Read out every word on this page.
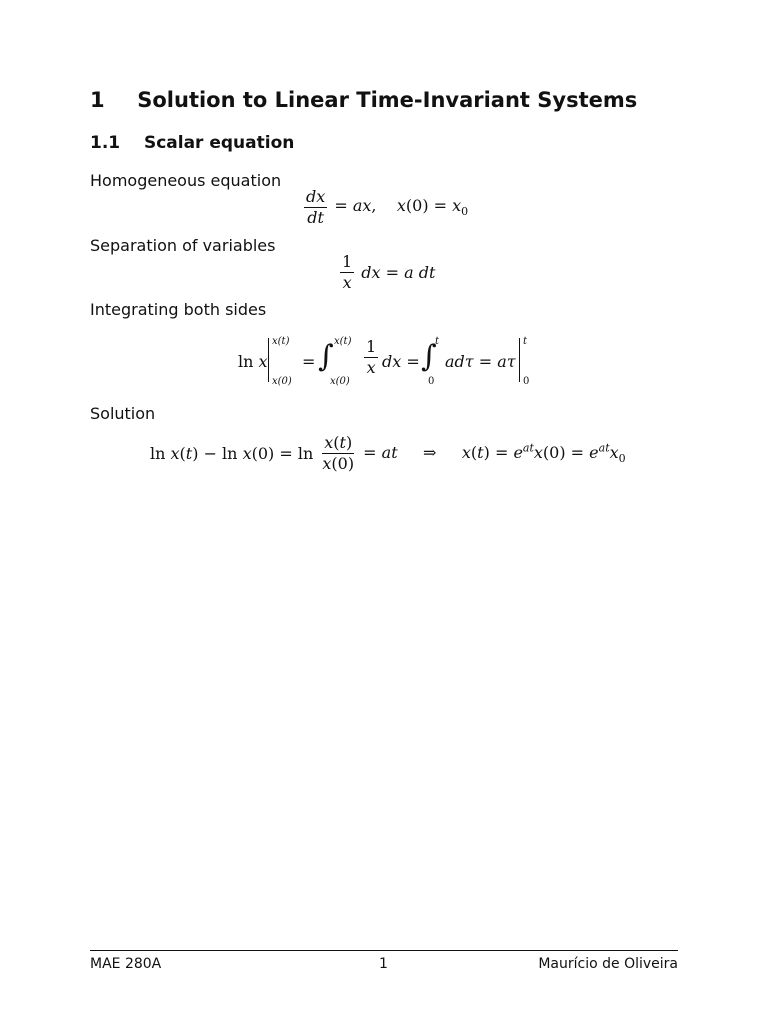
1 Solution to Linear Time-Invariant Systems
1.1 Scalar equation
Homogeneous equation
$\frac{dx}{dt}$ = ax,    $x(0) = x_0$
Separation of variables
$\frac{1}{x}$ dx = a dt
Integrating both sides
ln x
x(t)
x(0)
= ∫ x(t)
x(0)
$\frac{1}{x}$ dx = ∫
t
0
adτ = aτ
t
0
Solution
$\ln x(t) - \ln x(0) = \ln \frac{x(t)}{x(0)}$ = at     ⇒     $x(t) = e^{at}x(0) = e^{at}x_0$
MAE 280A	1	Maurício de Oliveira
